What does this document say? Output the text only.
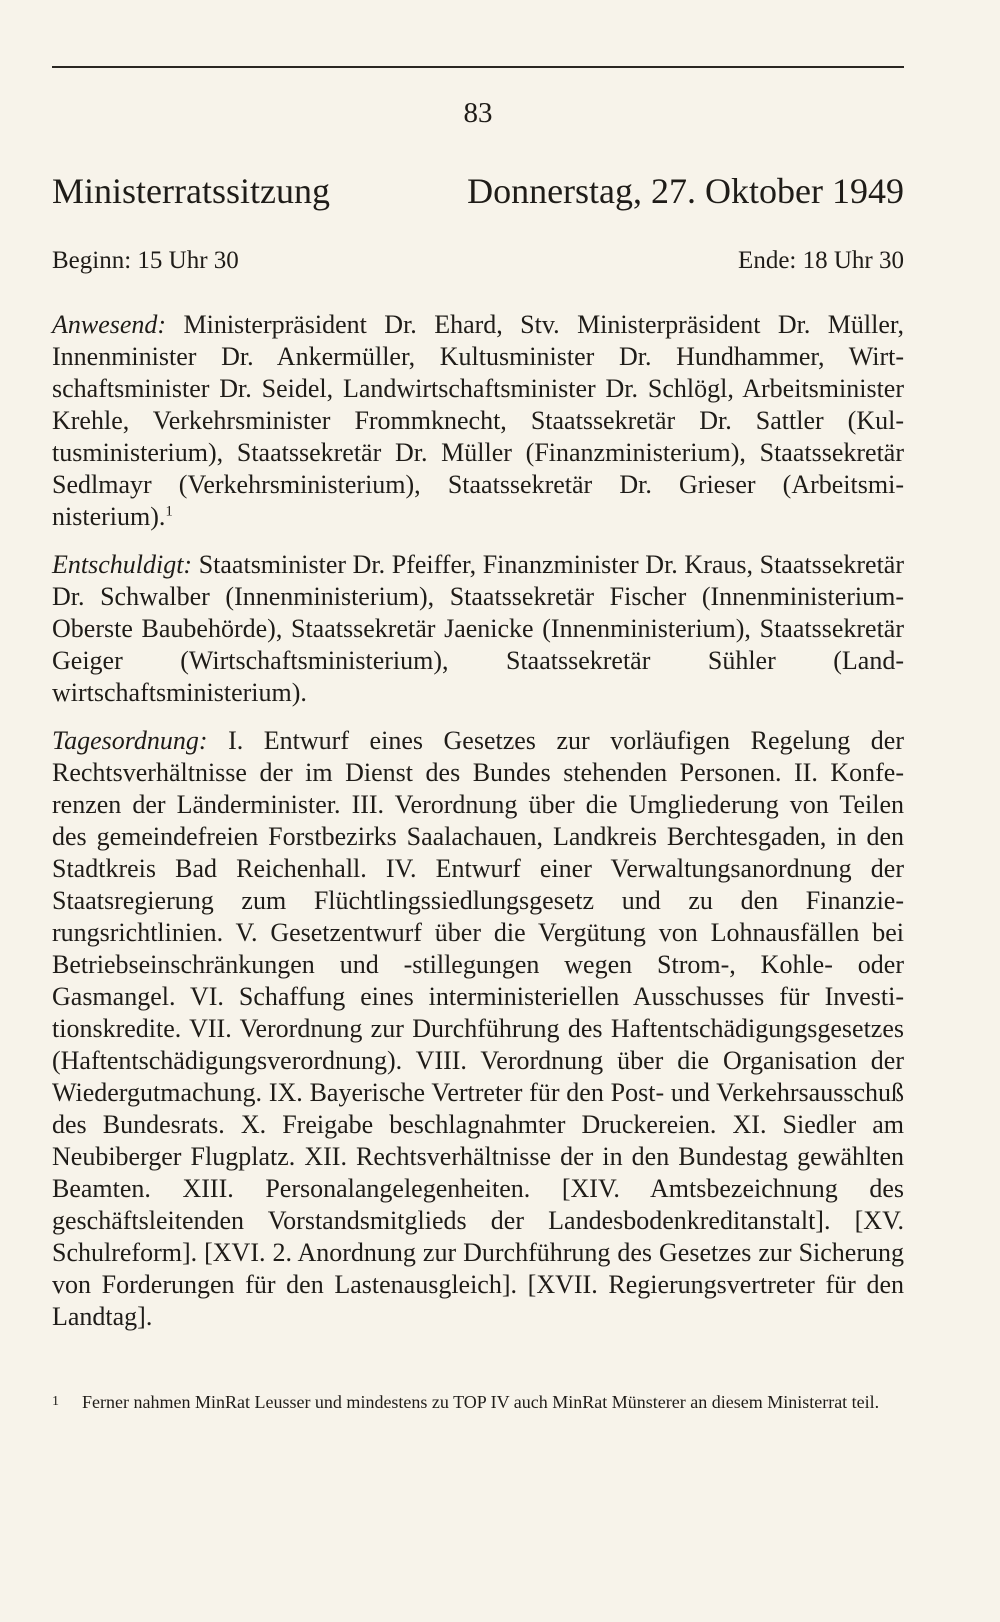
83
Ministerratssitzung	Donnerstag, 27. Oktober 1949
Beginn: 15 Uhr 30	Ende: 18 Uhr 30

Anwesend: Ministerpräsident Dr. Ehard, Stv. Ministerpräsident Dr. Müller, Innenminister Dr. Ankermüller, Kultusminister Dr. Hundhammer, Wirtschaftsminister Dr. Seidel, Landwirtschaftsminister Dr. Schlögl, Arbeitsminister Krehle, Verkehrsminister Frommknecht, Staatssekretär Dr. Sattler (Kultusministerium), Staatssekretär Dr. Müller (Finanzministerium), Staatssekretär Sedlmayr (Verkehrsministerium), Staatssekretär Dr. Grieser (Arbeitsministerium).$^1$

Entschuldigt: Staatsminister Dr. Pfeiffer, Finanzminister Dr. Kraus, Staatssekretär Dr. Schwalber (Innenministerium), Staatssekretär Fischer (Innenministerium-Oberste Baubehörde), Staatssekretär Jaenicke (Innenministerium), Staatssekretär Geiger (Wirtschaftsministerium), Staatssekretär Sühler (Landwirtschaftsministerium).

Tagesordnung: I. Entwurf eines Gesetzes zur vorläufigen Regelung der Rechtsverhältnisse der im Dienst des Bundes stehenden Personen. II. Konferenzen der Länderminister. III. Verordnung über die Umgliederung von Teilen des gemeindefreien Forstbezirks Saalachauen, Landkreis Berchtesgaden, in den Stadtkreis Bad Reichenhall. IV. Entwurf einer Verwaltungsanordnung der Staatsregierung zum Flüchtlingssiedlungsgesetz und zu den Finanzierungsrichtlinien. V. Gesetzentwurf über die Vergütung von Lohnausfällen bei Betriebseinschränkungen und -stillegungen wegen Strom-, Kohle- oder Gasmangel. VI. Schaffung eines interministeriellen Ausschusses für Investitionskredite. VII. Verordnung zur Durchführung des Haftentschädigungsgesetzes (Haftentschädigungsverordnung). VIII. Verordnung über die Organisation der Wiedergutmachung. IX. Bayerische Vertreter für den Post- und Verkehrsausschuß des Bundesrats. X. Freigabe beschlagnahmter Druckereien. XI. Siedler am Neubiberger Flugplatz. XII. Rechtsverhältnisse der in den Bundestag gewählten Beamten. XIII. Personalangelegenheiten. [XIV. Amtsbezeichnung des geschäftsleitenden Vorstandsmitglieds der Landesbodenkreditanstalt]. [XV. Schulreform]. [XVI. 2. Anordnung zur Durchführung des Gesetzes zur Sicherung von Forderungen für den Lastenausgleich]. [XVII. Regierungsvertreter für den Landtag].

1	Ferner nahmen MinRat Leusser und mindestens zu TOP IV auch MinRat Münsterer an diesem Ministerrat teil.
